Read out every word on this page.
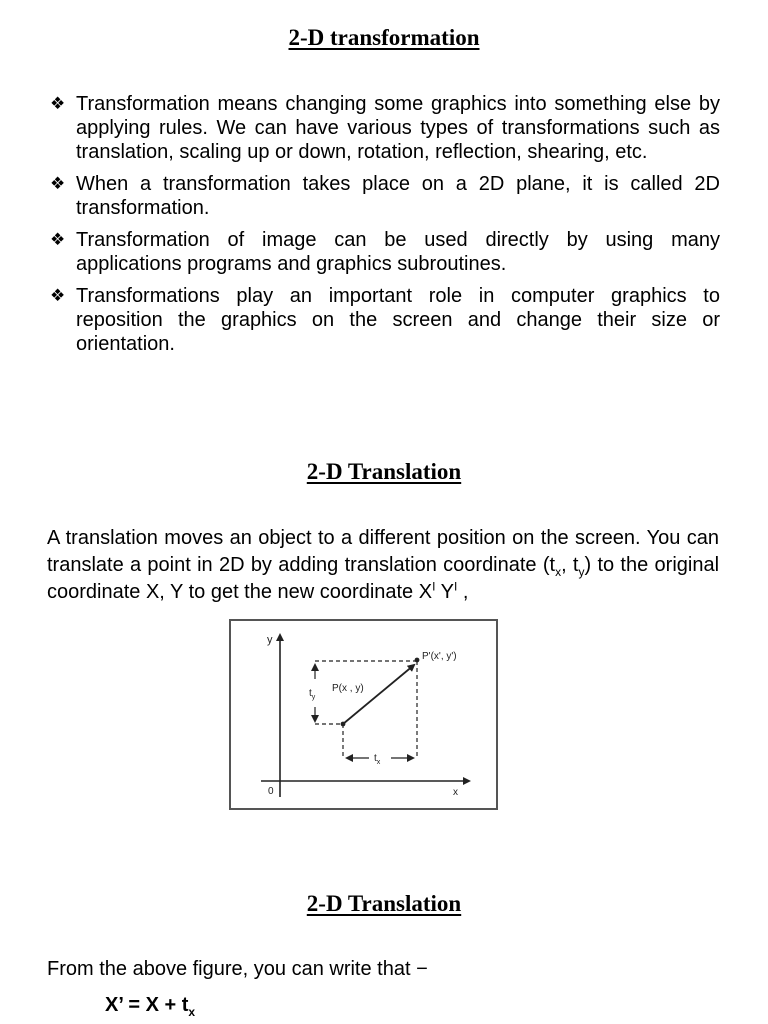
2-D transformation
❖ Transformation means changing some graphics into something else by applying rules. We can have various types of transformations such as translation, scaling up or down, rotation, reflection, shearing, etc.
❖ When a transformation takes place on a 2D plane, it is called 2D transformation.
❖ Transformation of image can be used directly by using many applications programs and graphics subroutines.
❖ Transformations play an important role in computer graphics to reposition the graphics on the screen and change their size or orientation.
2-D Translation

A translation moves an object to a different position on the screen. You can translate a point in 2D by adding translation coordinate ($t_x$, $t_y$) to the original coordinate X, Y to get the new coordinate $X^I$ $Y^I$ ,

y
x
0
$t_y$
$t_x$
P(x , y)
P'(x', y')
2-D Translation

From the above figure, you can write that −

X’ = $X + t_x$
